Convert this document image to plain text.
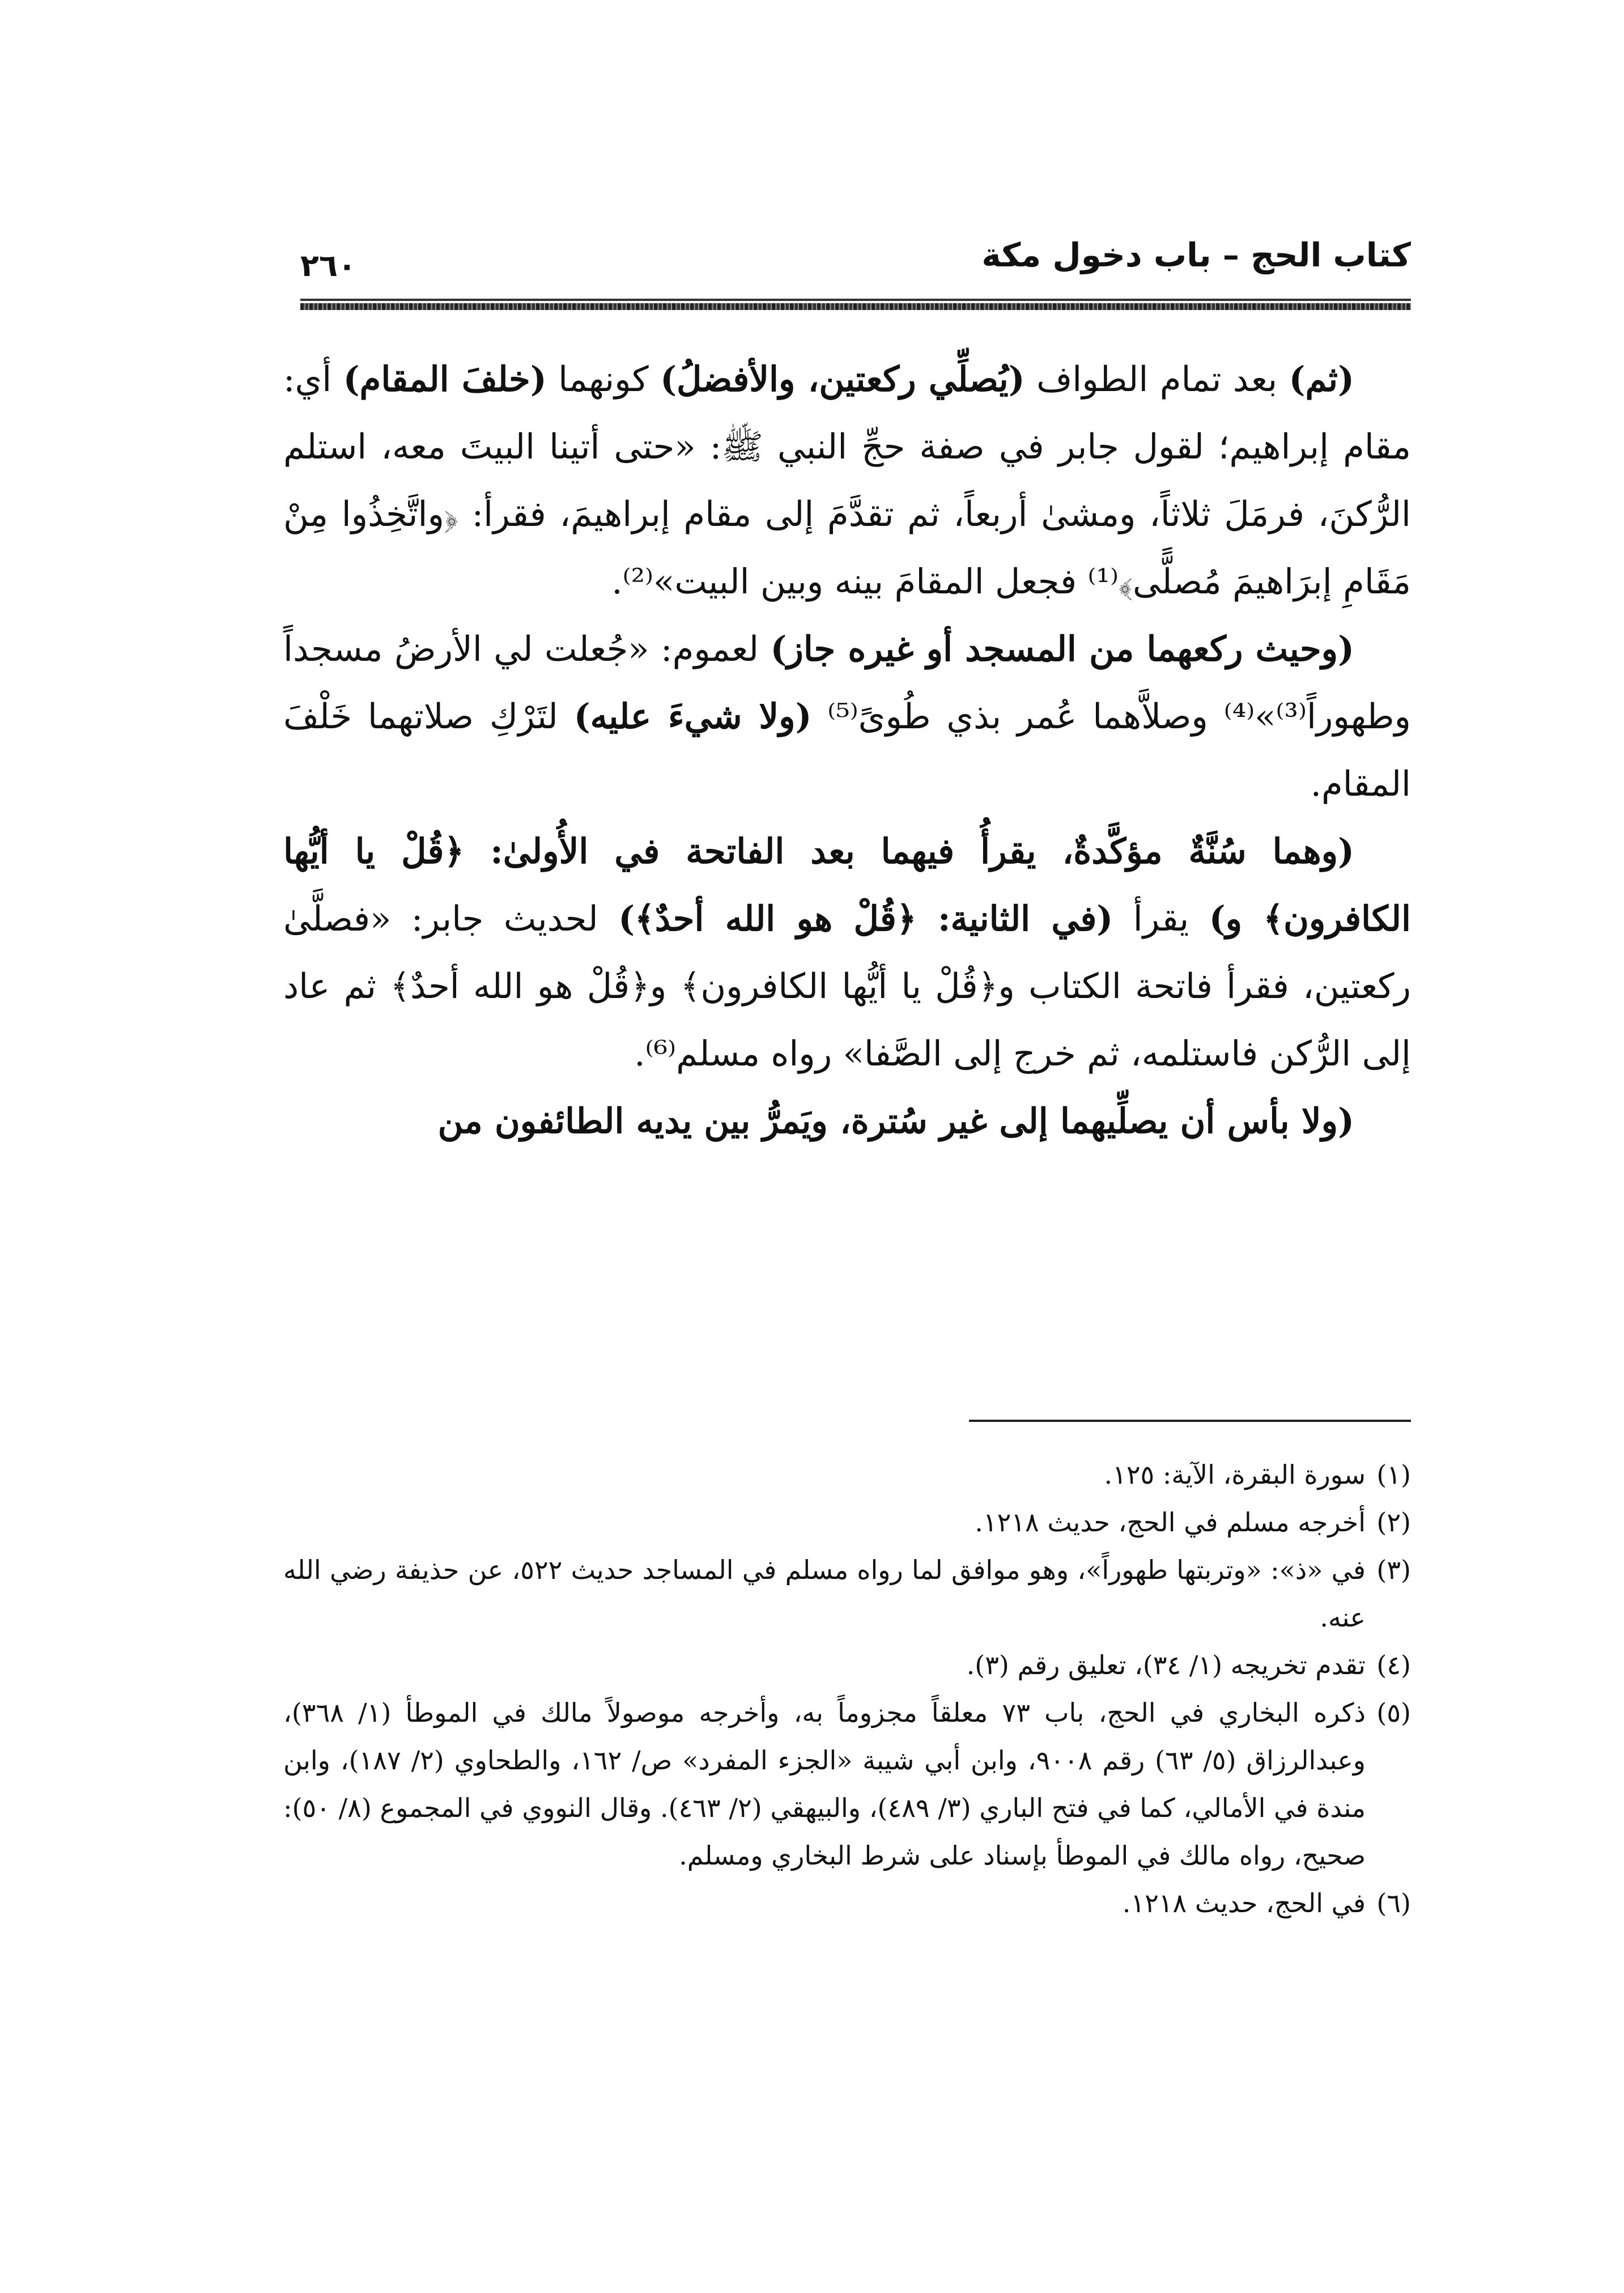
كتاب الحج – باب دخول مكة
٢٦٠

(ثم) بعد تمام الطواف (يُصلِّي ركعتين، والأفضلُ) كونهما (خلفَ المقام) أي: مقام إبراهيم؛ لقول جابر في صفة حجِّ النبي ﷺ: «حتى أتينا البيتَ معه، استلم الرُّكنَ، فرمَلَ ثلاثاً، ومشىٰ أربعاً، ثم تقدَّمَ إلى مقام إبراهيمَ، فقرأ: ﴿واتَّخِذُوا مِنْ مَقَامِ إبرَاهيمَ مُصلًّى﴾⁽¹⁾ فجعل المقامَ بينه وبين البيت»⁽²⁾.

(وحيث ركعهما من المسجد أو غيره جاز) لعموم: «جُعلت لي الأرضُ مسجداً وطهوراً⁽³⁾»⁽⁴⁾ وصلاَّهما عُمر بذي طُوىً⁽⁵⁾ (ولا شيءَ عليه) لتَرْكِ صلاتهما خَلْفَ المقام.

(وهما سُنَّةٌ مؤكَّدةٌ، يقرأُ فيهما بعد الفاتحة في الأُولىٰ: ﴿قُلْ يا أيُّها الكافرون﴾ و) يقرأ (في الثانية: ﴿قُلْ هو الله أحدٌ﴾) لحديث جابر: «فصلَّىٰ ركعتين، فقرأ فاتحة الكتاب و﴿قُلْ يا أيُّها الكافرون﴾ و﴿قُلْ هو الله أحدٌ﴾ ثم عاد إلى الرُّكن فاستلمه، ثم خرج إلى الصَّفا» رواه مسلم⁽⁶⁾.

(ولا بأس أن يصلِّيهما إلى غير سُترة، ويَمرُّ بين يديه الطائفون من

(١)
سورة البقرة، الآية: ١٢٥.
(٢)
أخرجه مسلم في الحج، حديث ١٢١٨.
(٣)
في «ذ»: «وتربتها طهوراً»، وهو موافق لما رواه مسلم في المساجد حديث ٥٢٢، عن حذيفة رضي الله عنه.
(٤)
تقدم تخريجه (١/ ٣٤)، تعليق رقم (٣).
(٥)
ذكره البخاري في الحج، باب ٧٣ معلقاً مجزوماً به، وأخرجه موصولاً مالك في الموطأ (١/ ٣٦٨)، وعبدالرزاق (٥/ ٦٣) رقم ٩٠٠٨، وابن أبي شيبة «الجزء المفرد» ص/ ١٦٢، والطحاوي (٢/ ١٨٧)، وابن مندة في الأمالي، كما في فتح الباري (٣/ ٤٨٩)، والبيهقي (٢/ ٤٦٣). وقال النووي في المجموع (٨/ ٥٠): صحيح، رواه مالك في الموطأ بإسناد على شرط البخاري ومسلم.
(٦)
في الحج، حديث ١٢١٨.
